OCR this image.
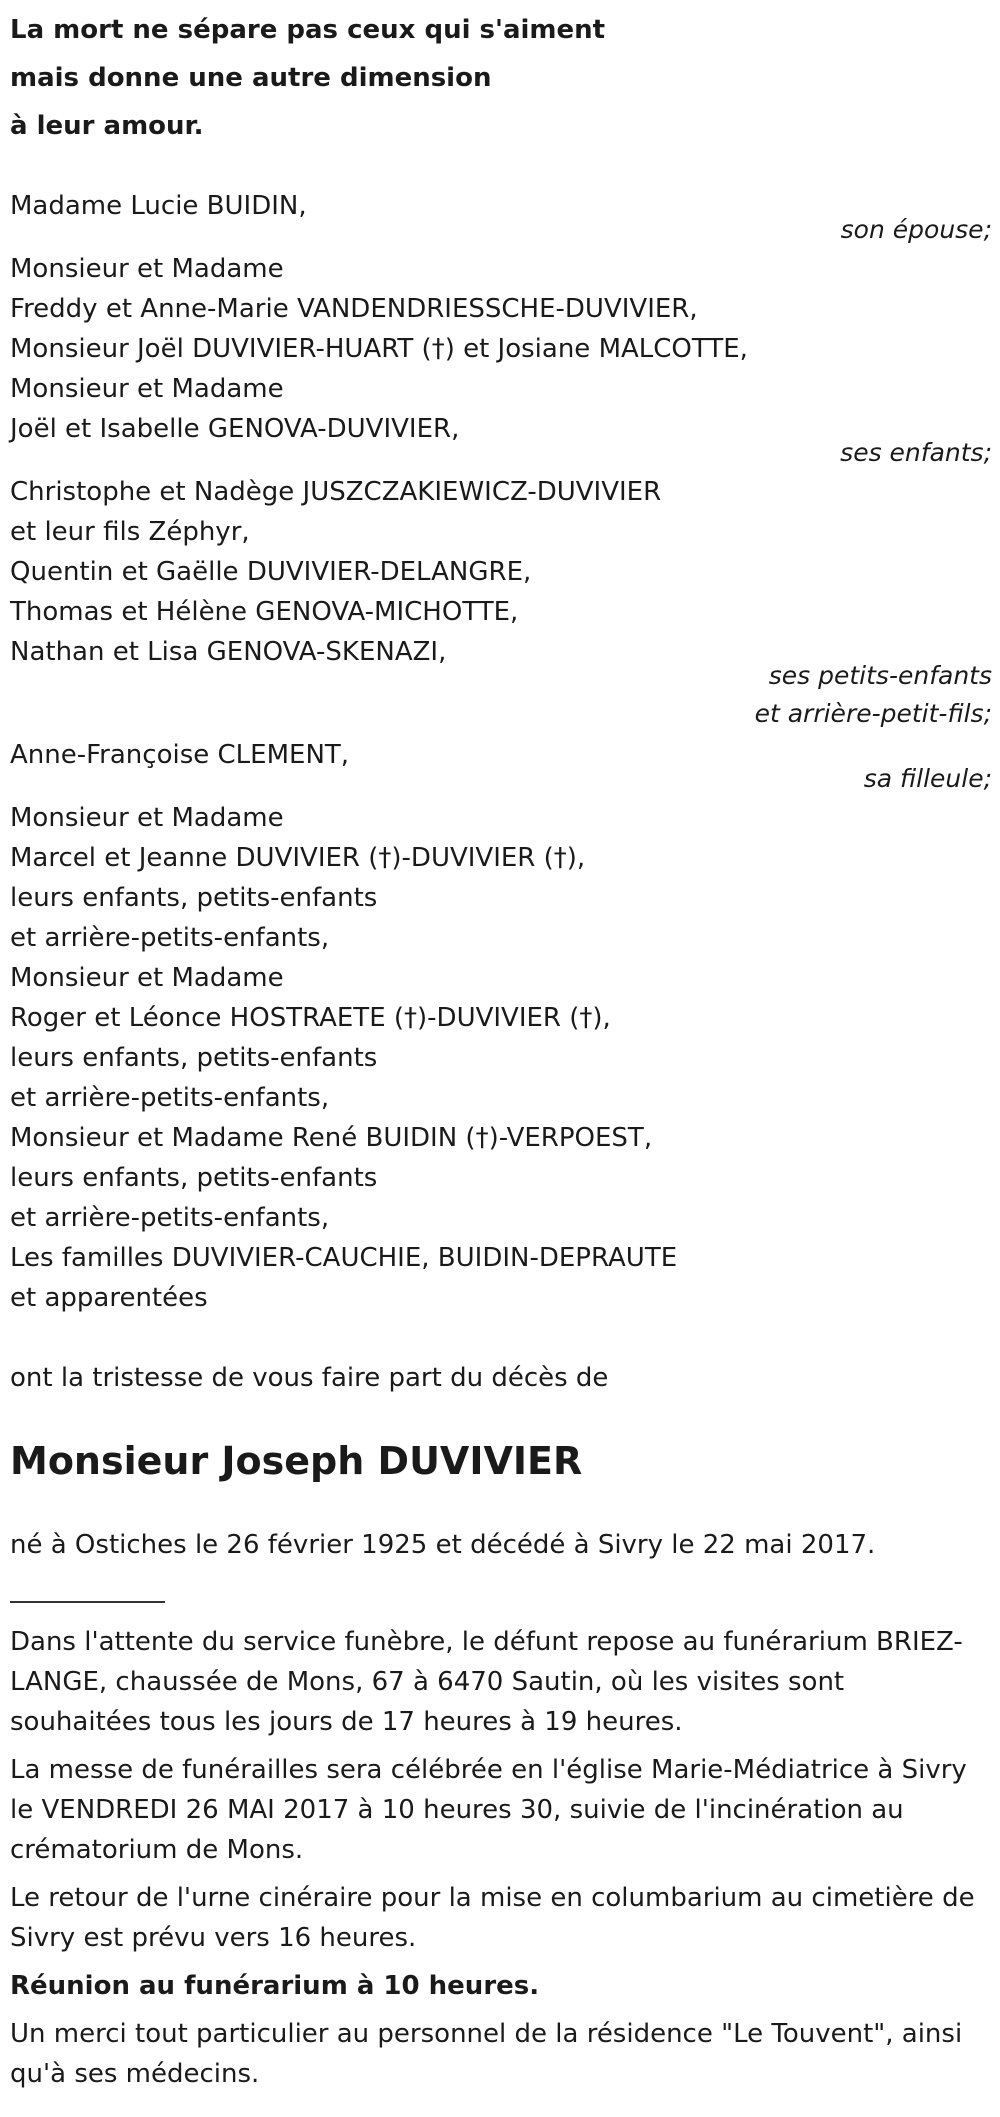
La mort ne sépare pas ceux qui s'aiment
mais donne une autre dimension
à leur amour.
Madame Lucie BUIDIN,
son épouse;
Monsieur et Madame
Freddy et Anne-Marie VANDENDRIESSCHE-DUVIVIER,
Monsieur Joël DUVIVIER-HUART (†) et Josiane MALCOTTE,
Monsieur et Madame
Joël et Isabelle GENOVA-DUVIVIER,
ses enfants;
Christophe et Nadège JUSZCZAKIEWICZ-DUVIVIER
et leur fils Zéphyr,
Quentin et Gaëlle DUVIVIER-DELANGRE,
Thomas et Hélène GENOVA-MICHOTTE,
Nathan et Lisa GENOVA-SKENAZI,
ses petits-enfants
et arrière-petit-fils;
Anne-Françoise CLEMENT,
sa filleule;
Monsieur et Madame
Marcel et Jeanne DUVIVIER (†)-DUVIVIER (†),
leurs enfants, petits-enfants
et arrière-petits-enfants,
Monsieur et Madame
Roger et Léonce HOSTRAETE (†)-DUVIVIER (†),
leurs enfants, petits-enfants
et arrière-petits-enfants,
Monsieur et Madame René BUIDIN (†)-VERPOEST,
leurs enfants, petits-enfants
et arrière-petits-enfants,
Les familles DUVIVIER-CAUCHIE, BUIDIN-DEPRAUTE
et apparentées
ont la tristesse de vous faire part du décès de
Monsieur Joseph DUVIVIER
né à Ostiches le 26 février 1925 et décédé à Sivry le 22 mai 2017.
Dans l'attente du service funèbre, le défunt repose au funérarium BRIEZ-LANGE, chaussée de Mons, 67 à 6470 Sautin, où les visites sont souhaitées tous les jours de 17 heures à 19 heures.
La messe de funérailles sera célébrée en l'église Marie-Médiatrice à Sivry le VENDREDI 26 MAI 2017 à 10 heures 30, suivie de l'incinération au crématorium de Mons.
Le retour de l'urne cinéraire pour la mise en columbarium au cimetière de Sivry est prévu vers 16 heures.
Réunion au funérarium à 10 heures.
Un merci tout particulier au personnel de la résidence "Le Touvent", ainsi qu'à ses médecins.
